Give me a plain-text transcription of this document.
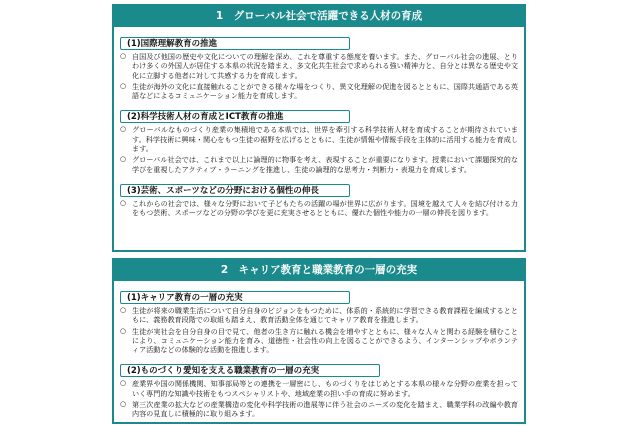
1　グローバル社会で活躍できる人材の育成
(1)国際理解教育の推進
○ 自国及び他国の歴史や文化についての理解を深め、これを尊重する態度を養います。また、グローバル社会の進展、とりわけ多くの外国人が居住する本県の状況を踏まえ、多文化共生社会で求められる強い精神力と、自分とは異なる歴史や文化に立脚する他者に対して共感する力を育成します。
○ 生徒が海外の文化に直接触れることができる様々な場をつくり、異文化理解の促進を図るとともに、国際共通語である英語などによるコミュニケーション能力を育成します。
(2)科学技術人材の育成とICT教育の推進
○ グローバルなものづくり産業の集積地である本県では、世界を牽引する科学技術人材を育成することが期待されています。科学技術に興味・関心をもつ生徒の裾野を広げるとともに、生徒が情報や情報手段を主体的に活用する能力を育成します。
○ グローバル社会では、これまで以上に論理的に物事を考え、表現することが重要になります。授業において課題探究的な学びを重視したアクティブ・ラーニングを推進し、生徒の論理的な思考力・判断力・表現力を育成します。
(3)芸術、スポーツなどの分野における個性の伸長
○ これからの社会では、様々な分野において子どもたちの活躍の場が世界に広がります。国境を越えて人々を結び付ける力をもつ芸術、スポーツなどの分野の学びを更に充実させるとともに、優れた個性や能力の一層の伸長を図ります。
2　キャリア教育と職業教育の一層の充実
(1)キャリア教育の一層の充実
○ 生徒が将来の職業生活について自分自身のビジョンをもつために、体系的・系統的に学習できる教育課程を編成するとともに、義務教育段階での取組も踏まえ、教育活動全体を通じてキャリア教育を推進します。
○ 生徒が実社会を自分自身の目で見て、他者の生き方に触れる機会を増やすとともに、様々な人々と関わる経験を積むことにより、コミュニケーション能力を育み、道徳性・社会性の向上を図ることができるよう、インターンシップやボランティア活動などの体験的な活動を推進します。
(2)ものづくり愛知を支える職業教育の一層の充実
○ 産業界や国の関係機関、知事部局等との連携を一層密にし、ものづくりをはじめとする本県の様々な分野の産業を担っていく専門的な知識や技術をもつスペシャリストや、地域産業の担い手の育成に努めます。
○ 第三次産業の拡大などの産業構造の変化や科学技術の進展等に伴う社会のニーズの変化を踏まえ、職業学科の改編や教育内容の見直しに積極的に取り組みます。
